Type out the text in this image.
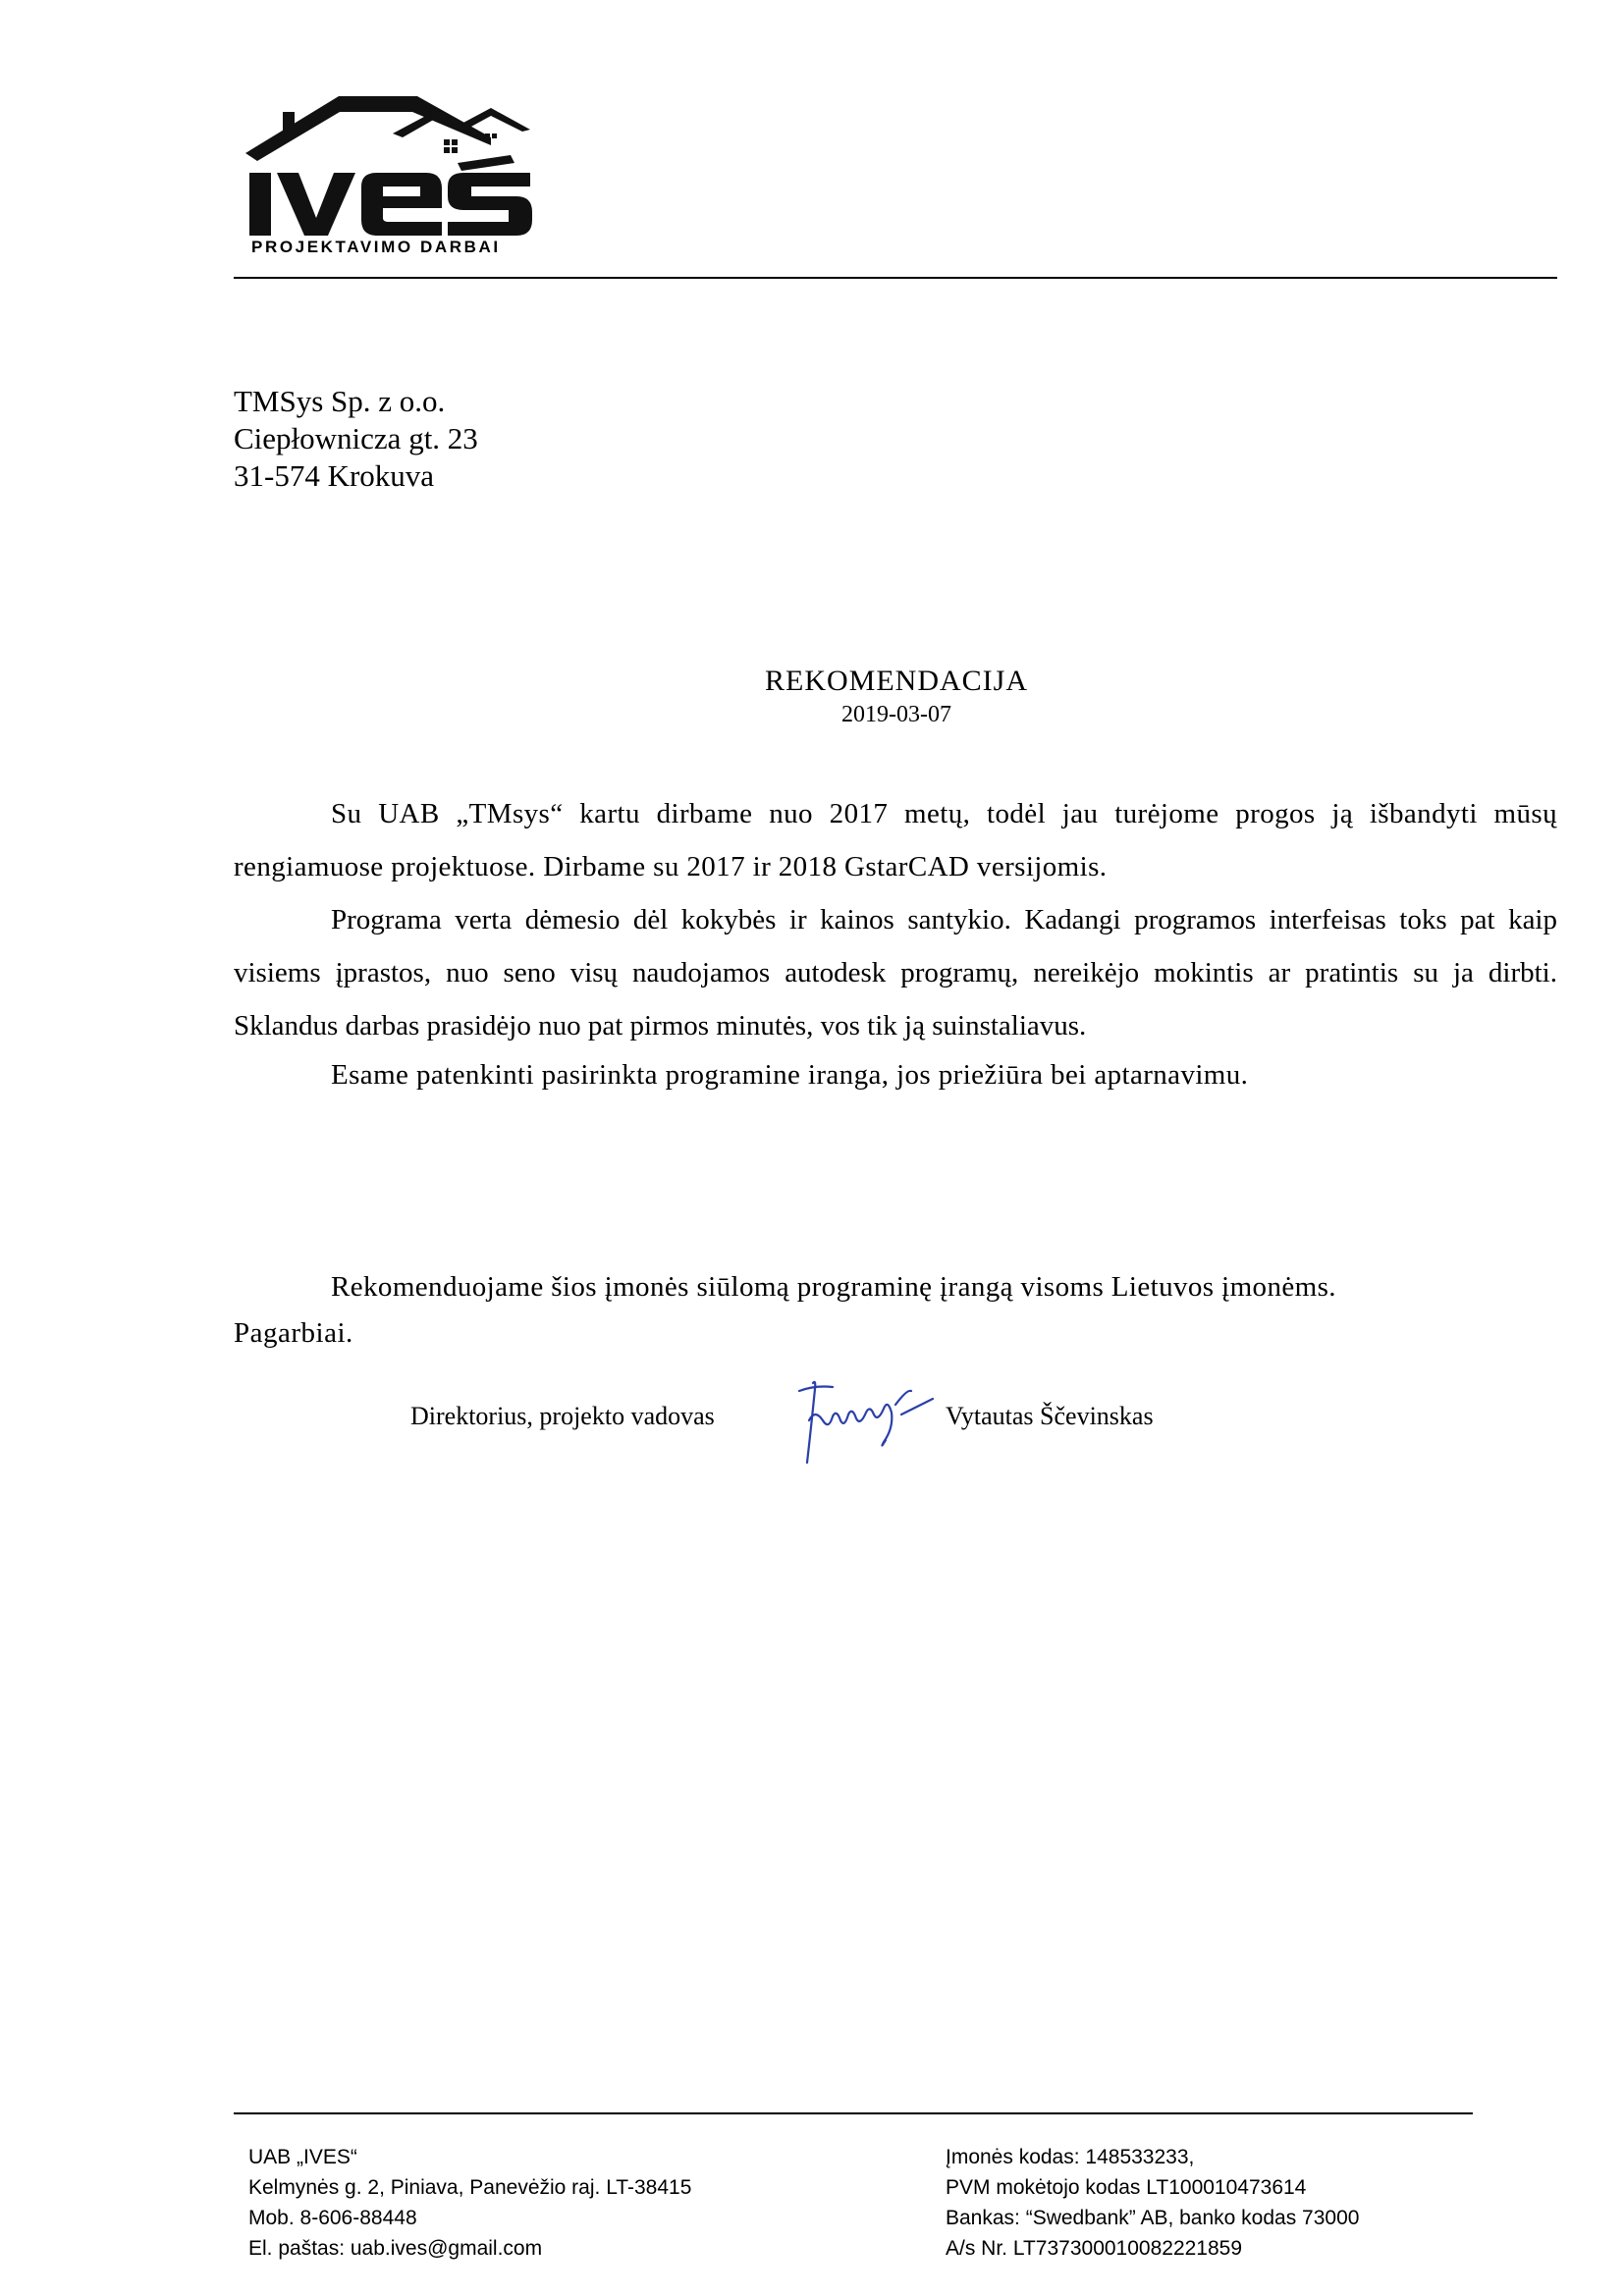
PROJEKTAVIMO DARBAI
TMSys Sp. z o.o.
Ciepłownicza gt. 23
31-574 Krokuva
REKOMENDACIJA
2019-03-07

Su UAB „TMsys“ kartu dirbame nuo 2017 metų, todėl jau turėjome progos ją išbandyti mūsų rengiamuose projektuose. Dirbame su 2017 ir 2018 GstarCAD versijomis.

Programa verta dėmesio dėl kokybės ir kainos santykio. Kadangi programos interfeisas toks pat kaip visiems įprastos, nuo seno visų naudojamos autodesk programų, nereikėjo mokintis ar pratintis su ja dirbti. Sklandus darbas prasidėjo nuo pat pirmos minutės, vos tik ją suinstaliavus.

Esame patenkinti pasirinkta programine iranga, jos priežiūra bei aptarnavimu.

Rekomenduojame šios įmonės siūlomą programinę įrangą visoms Lietuvos įmonėms.

Pagarbiai.
Direktorius, projekto vadovas	Vytautas Ščevinskas
UAB „IVES“
Kelmynės g. 2, Piniava, Panevėžio raj. LT-38415
Mob. 8-606-88448
El. paštas: uab.ives@gmail.com
Įmonės kodas: 148533233,
PVM mokėtojo kodas LT100010473614
Bankas: “Swedbank” AB, banko kodas 73000
A/s Nr. LT737300010082221859
